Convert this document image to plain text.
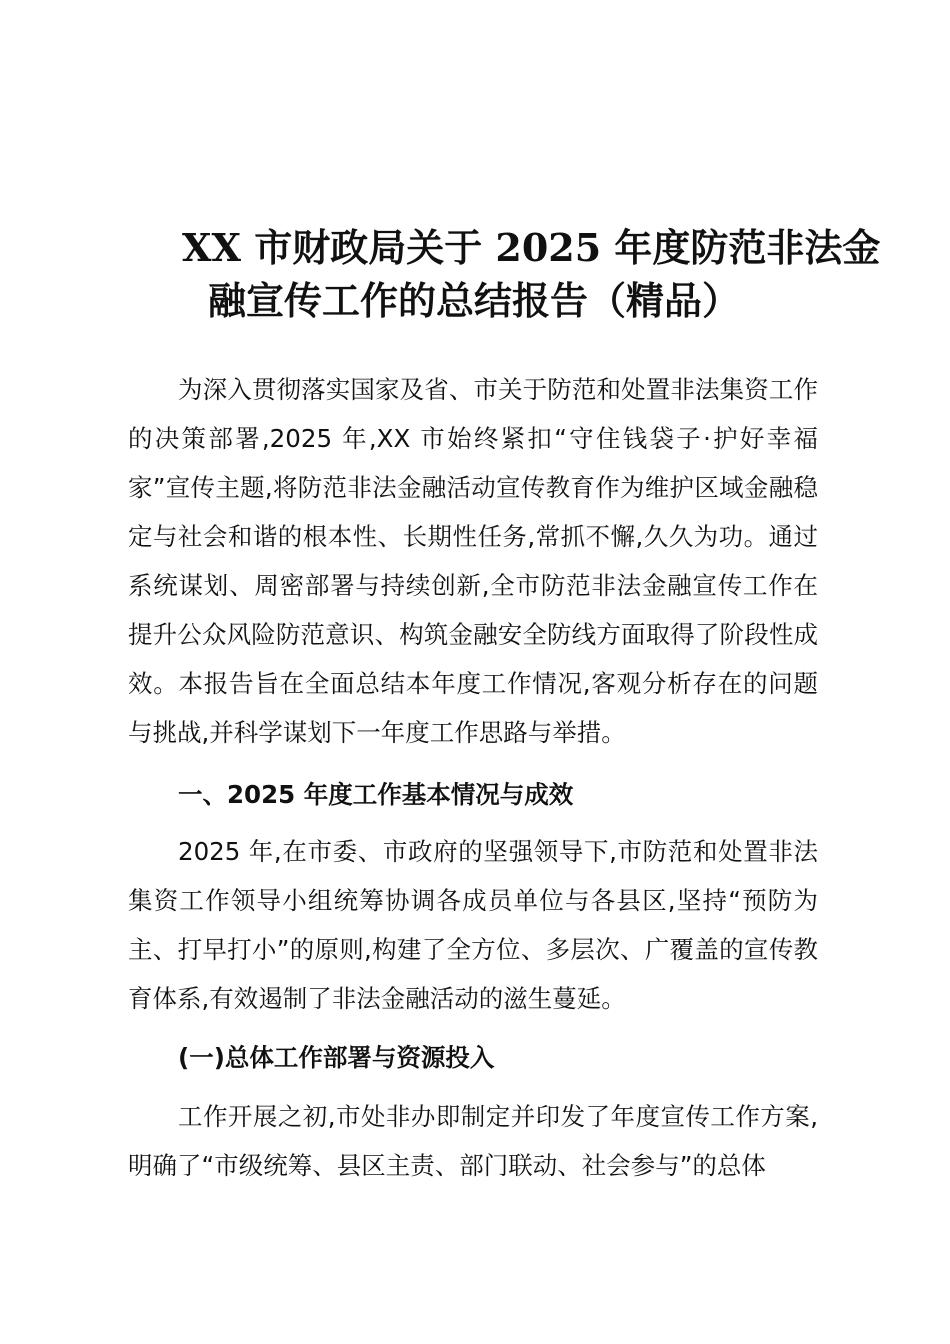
XX 市财政局关于 2025 年度防范非法金
融宣传工作的总结报告（精品）

为深入贯彻落实国家及省、市关于防范和处置非法集资工作的决策部署,2025 年,XX 市始终紧扣“守住钱袋子·护好幸福家”宣传主题,将防范非法金融活动宣传教育作为维护区域金融稳定与社会和谐的根本性、长期性任务,常抓不懈,久久为功。通过系统谋划、周密部署与持续创新,全市防范非法金融宣传工作在提升公众风险防范意识、构筑金融安全防线方面取得了阶段性成效。本报告旨在全面总结本年度工作情况,客观分析存在的问题与挑战,并科学谋划下一年度工作思路与举措。

一、2025 年度工作基本情况与成效

2025 年,在市委、市政府的坚强领导下,市防范和处置非法集资工作领导小组统筹协调各成员单位与各县区,坚持“预防为主、打早打小”的原则,构建了全方位、多层次、广覆盖的宣传教育体系,有效遏制了非法金融活动的滋生蔓延。

(一)总体工作部署与资源投入

工作开展之初,市处非办即制定并印发了年度宣传工作方案,明确了“市级统筹、县区主责、部门联动、社会参与”的总体
